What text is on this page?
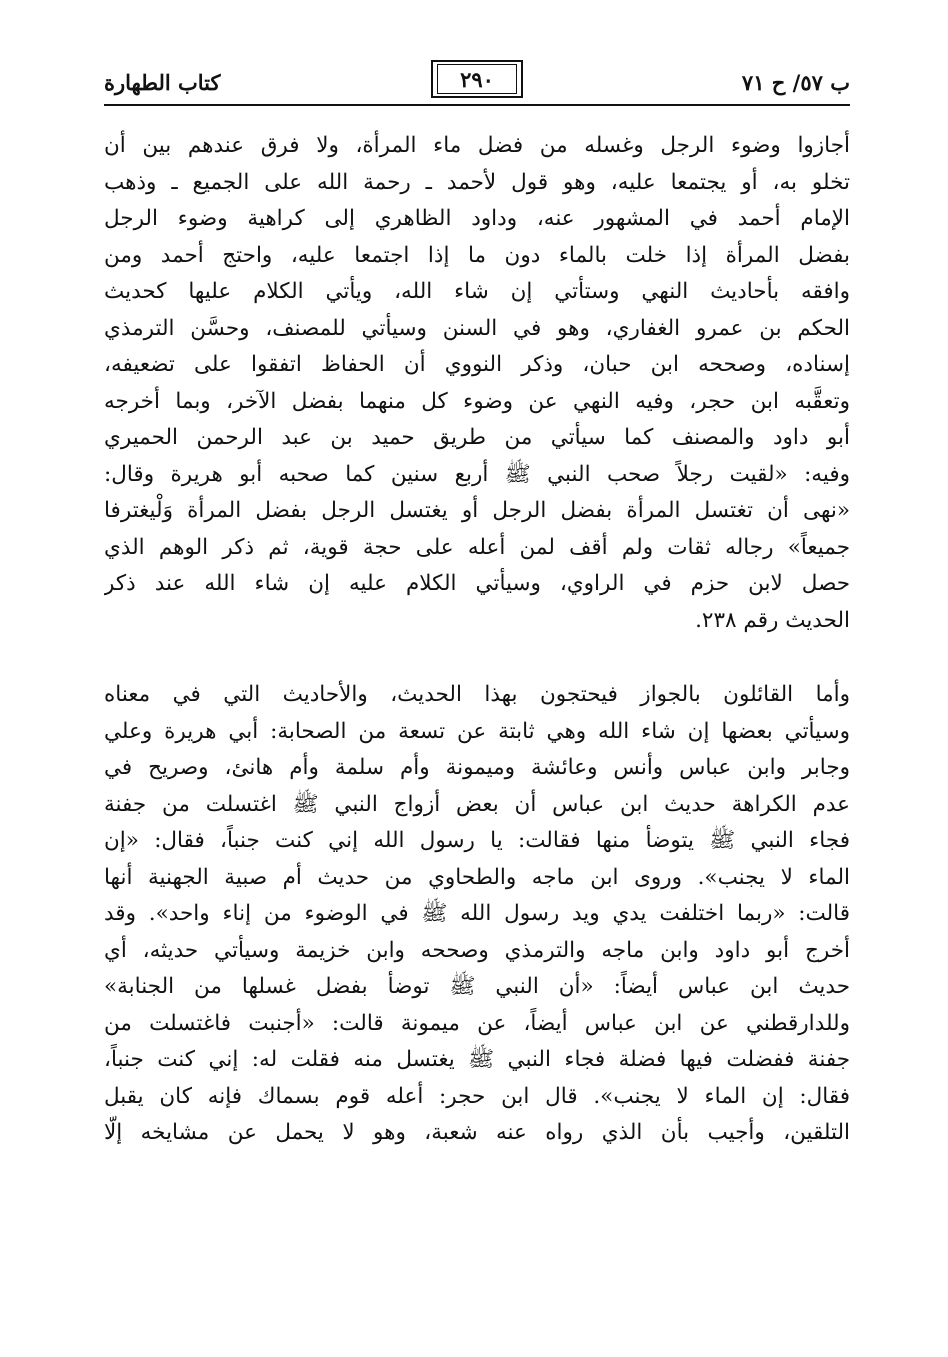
كتاب الطهارة	٢٩٠	ب ٥٧/ ح ٧١
أجازوا وضوء الرجل وغسله من فضل ماء المرأة، ولا فرق عندهم بين أن
تخلو به، أو يجتمعا عليه، وهو قول لأحمد ـ رحمة الله على الجميع ـ وذهب
الإمام أحمد في المشهور عنه، وداود الظاهري إلى كراهية وضوء الرجل
بفضل المرأة إذا خلت بالماء دون ما إذا اجتمعا عليه، واحتج أحمد ومن
وافقه بأحاديث النهي وستأتي إن شاء الله، ويأتي الكلام عليها كحديث
الحكم بن عمرو الغفاري، وهو في السنن وسيأتي للمصنف، وحسَّن الترمذي
إسناده، وصححه ابن حبان، وذكر النووي أن الحفاظ اتفقوا على تضعيفه،
وتعقَّبه ابن حجر، وفيه النهي عن وضوء كل منهما بفضل الآخر، وبما أخرجه
أبو داود والمصنف كما سيأتي من طريق حميد بن عبد الرحمن الحميري
وفيه: «لقيت رجلاً صحب النبي ﷺ أربع سنين كما صحبه أبو هريرة وقال:
«نهى أن تغتسل المرأة بفضل الرجل أو يغتسل الرجل بفضل المرأة وَلْيغترفا
جميعاً» رجاله ثقات ولم أقف لمن أعله على حجة قوية، ثم ذكر الوهم الذي
حصل لابن حزم في الراوي، وسيأتي الكلام عليه إن شاء الله عند ذكر
الحديث رقم ٢٣٨.
وأما القائلون بالجواز فيحتجون بهذا الحديث، والأحاديث التي في معناه
وسيأتي بعضها إن شاء الله وهي ثابتة عن تسعة من الصحابة: أبي هريرة وعلي
وجابر وابن عباس وأنس وعائشة وميمونة وأم سلمة وأم هانئ، وصريح في
عدم الكراهة حديث ابن عباس أن بعض أزواج النبي ﷺ اغتسلت من جفنة
فجاء النبي ﷺ يتوضأ منها فقالت: يا رسول الله إني كنت جنباً، فقال: «إن
الماء لا يجنب». وروى ابن ماجه والطحاوي من حديث أم صبية الجهنية أنها
قالت: «ربما اختلفت يدي ويد رسول الله ﷺ في الوضوء من إناء واحد». وقد
أخرج أبو داود وابن ماجه والترمذي وصححه وابن خزيمة وسيأتي حديثه، أي
حديث ابن عباس أيضاً: «أن النبي ﷺ توضأ بفضل غسلها من الجنابة»
وللدارقطني عن ابن عباس أيضاً، عن ميمونة قالت: «أجنبت فاغتسلت من
جفنة ففضلت فيها فضلة فجاء النبي ﷺ يغتسل منه فقلت له: إني كنت جنباً،
فقال: إن الماء لا يجنب». قال ابن حجر: أعله قوم بسماك فإنه كان يقبل
التلقين، وأجيب بأن الذي رواه عنه شعبة، وهو لا يحمل عن مشايخه إلّا
